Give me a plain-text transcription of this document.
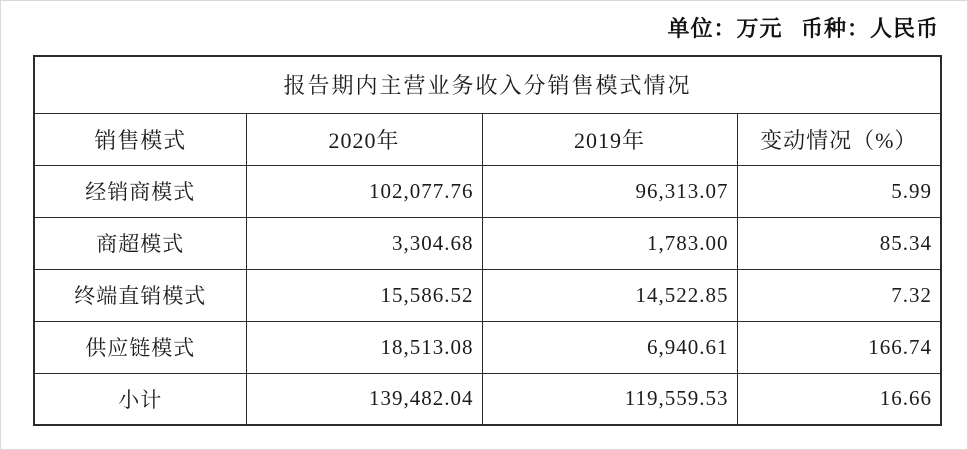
单位：万元 币种：人民币
报告期内主营业务收入分销售模式情况			
销售模式	2020年	2019年	变动情况（%）
经销商模式	102,077.76	96,313.07	5.99
商超模式	3,304.68	1,783.00	85.34
终端直销模式	15,586.52	14,522.85	7.32
供应链模式	18,513.08	6,940.61	166.74
小计	139,482.04	119,559.53	16.66
